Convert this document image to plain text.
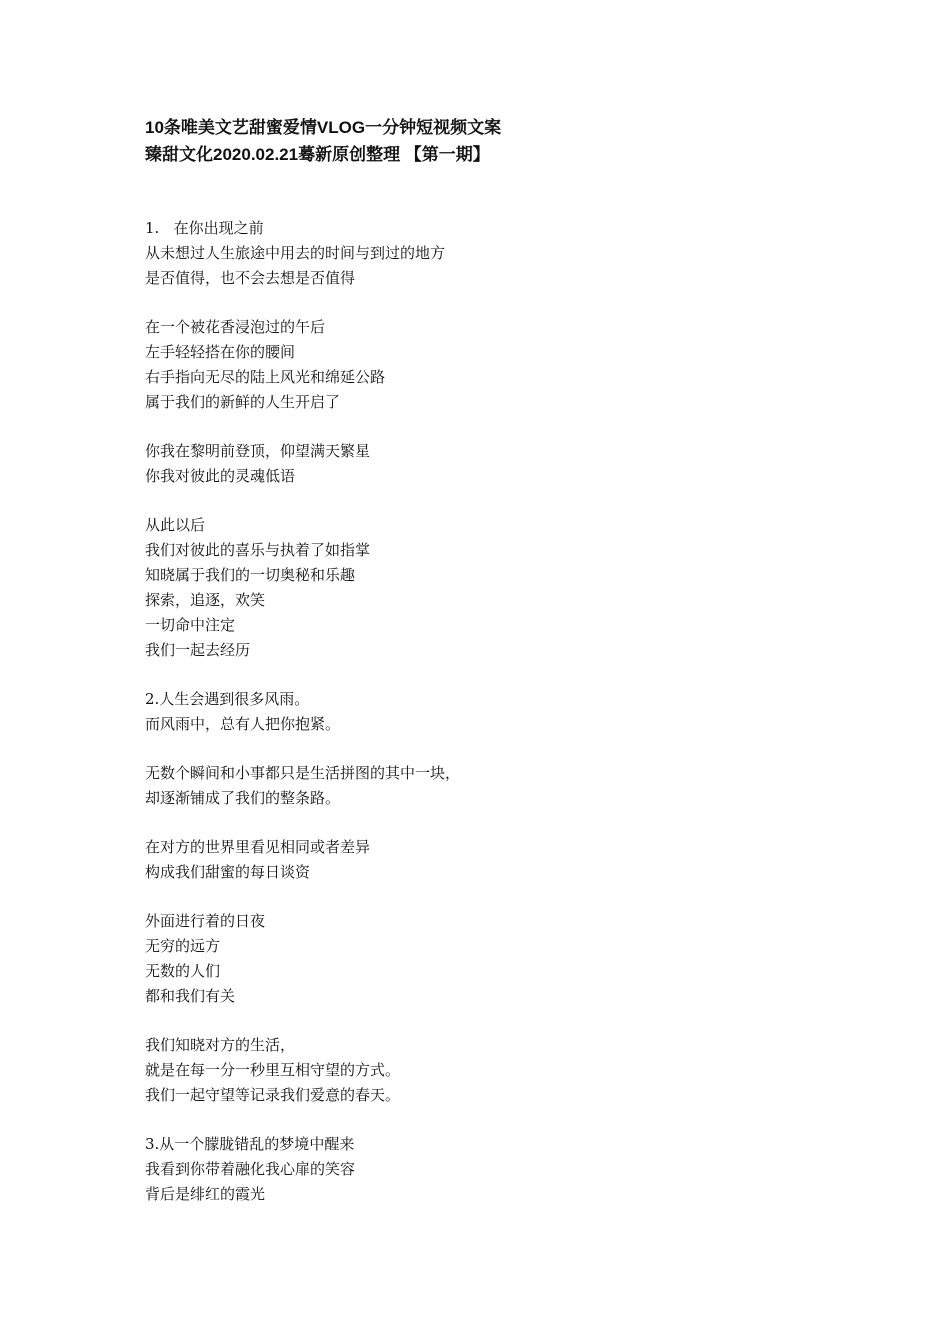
10条唯美文艺甜蜜爱情VLOG一分钟短视频文案
臻甜文化2020.02.21蓦新原创整理 【第一期】
1.   在你出现之前
从未想过人生旅途中用去的时间与到过的地方
是否值得，也不会去想是否值得
在一个被花香浸泡过的午后
左手轻轻搭在你的腰间
右手指向无尽的陆上风光和绵延公路
属于我们的新鲜的人生开启了
你我在黎明前登顶，仰望满天繁星
你我对彼此的灵魂低语
从此以后
我们对彼此的喜乐与执着了如指掌
知晓属于我们的一切奥秘和乐趣
探索，追逐，欢笑
一切命中注定
我们一起去经历
2.人生会遇到很多风雨。
而风雨中，总有人把你抱紧。
无数个瞬间和小事都只是生活拼图的其中一块，
却逐渐铺成了我们的整条路。
在对方的世界里看见相同或者差异
构成我们甜蜜的每日谈资
外面进行着的日夜
无穷的远方
无数的人们
都和我们有关
我们知晓对方的生活，
就是在每一分一秒里互相守望的方式。
我们一起守望等记录我们爱意的春天。
3.从一个朦胧错乱的梦境中醒来
我看到你带着融化我心扉的笑容
背后是绯红的霞光
